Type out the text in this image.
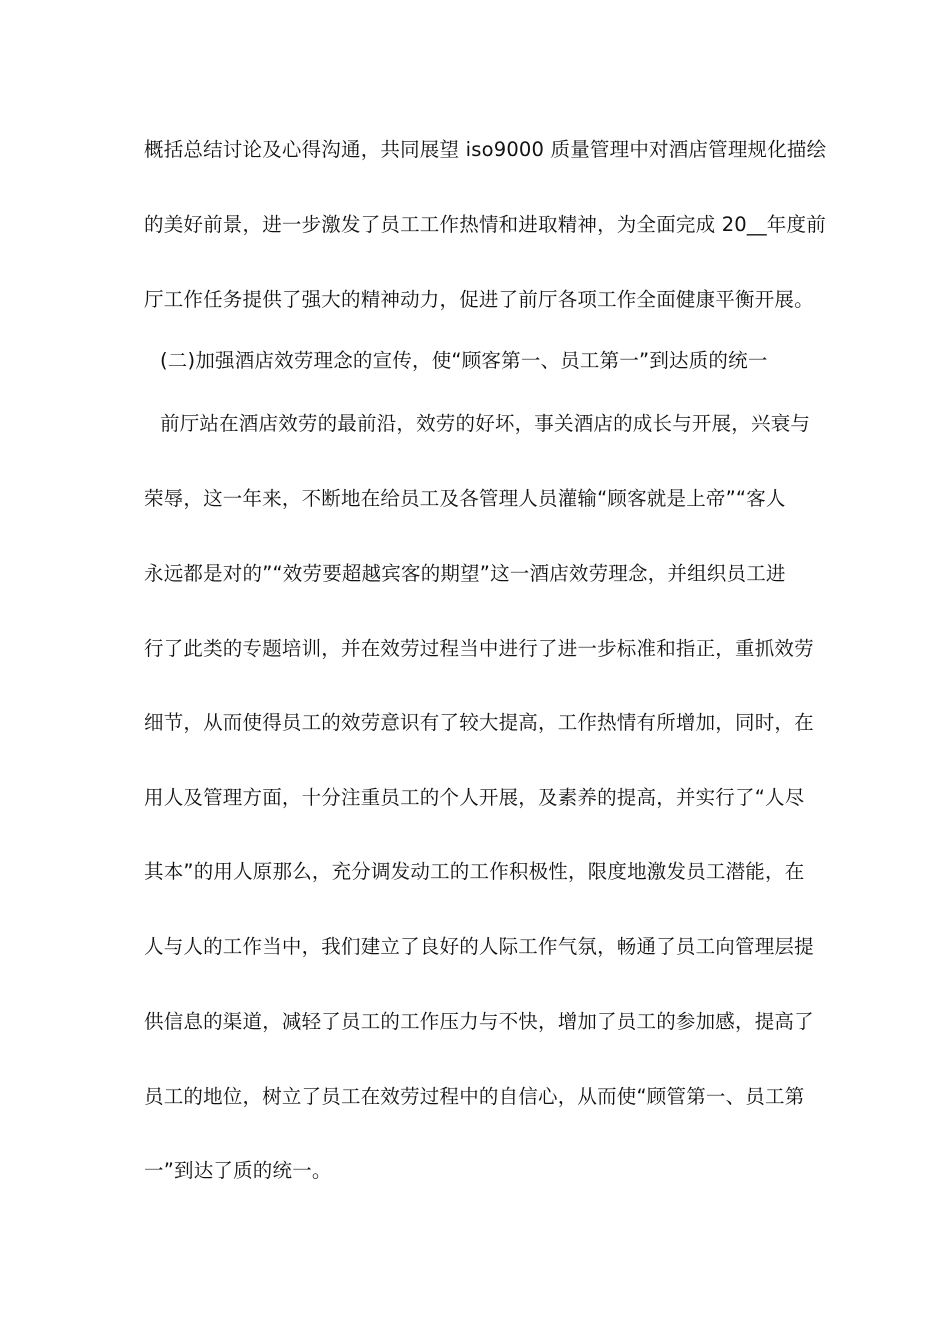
概括总结讨论及心得沟通，共同展望 iso9000 质量管理中对酒店管理规化描绘
的美好前景，进一步激发了员工工作热情和进取精神，为全面完成 20__年度前
厅工作任务提供了强大的精神动力，促进了前厅各项工作全面健康平衡开展。
(二)加强酒店效劳理念的宣传，使“顾客第一、员工第一”到达质的统一
前厅站在酒店效劳的最前沿，效劳的好坏，事关酒店的成长与开展，兴衰与
荣辱，这一年来，不断地在给员工及各管理人员灌输“顾客就是上帝”“客人
永远都是对的”“效劳要超越宾客的期望”这一酒店效劳理念，并组织员工进
行了此类的专题培训，并在效劳过程当中进行了进一步标准和指正，重抓效劳
细节，从而使得员工的效劳意识有了较大提高，工作热情有所增加，同时，在
用人及管理方面，十分注重员工的个人开展，及素养的提高，并实行了“人尽
其本”的用人原那么，充分调发动工的工作积极性，限度地激发员工潜能，在
人与人的工作当中，我们建立了良好的人际工作气氛，畅通了员工向管理层提
供信息的渠道，减轻了员工的工作压力与不快，增加了员工的参加感，提高了
员工的地位，树立了员工在效劳过程中的自信心，从而使“顾管第一、员工第
一”到达了质的统一。
